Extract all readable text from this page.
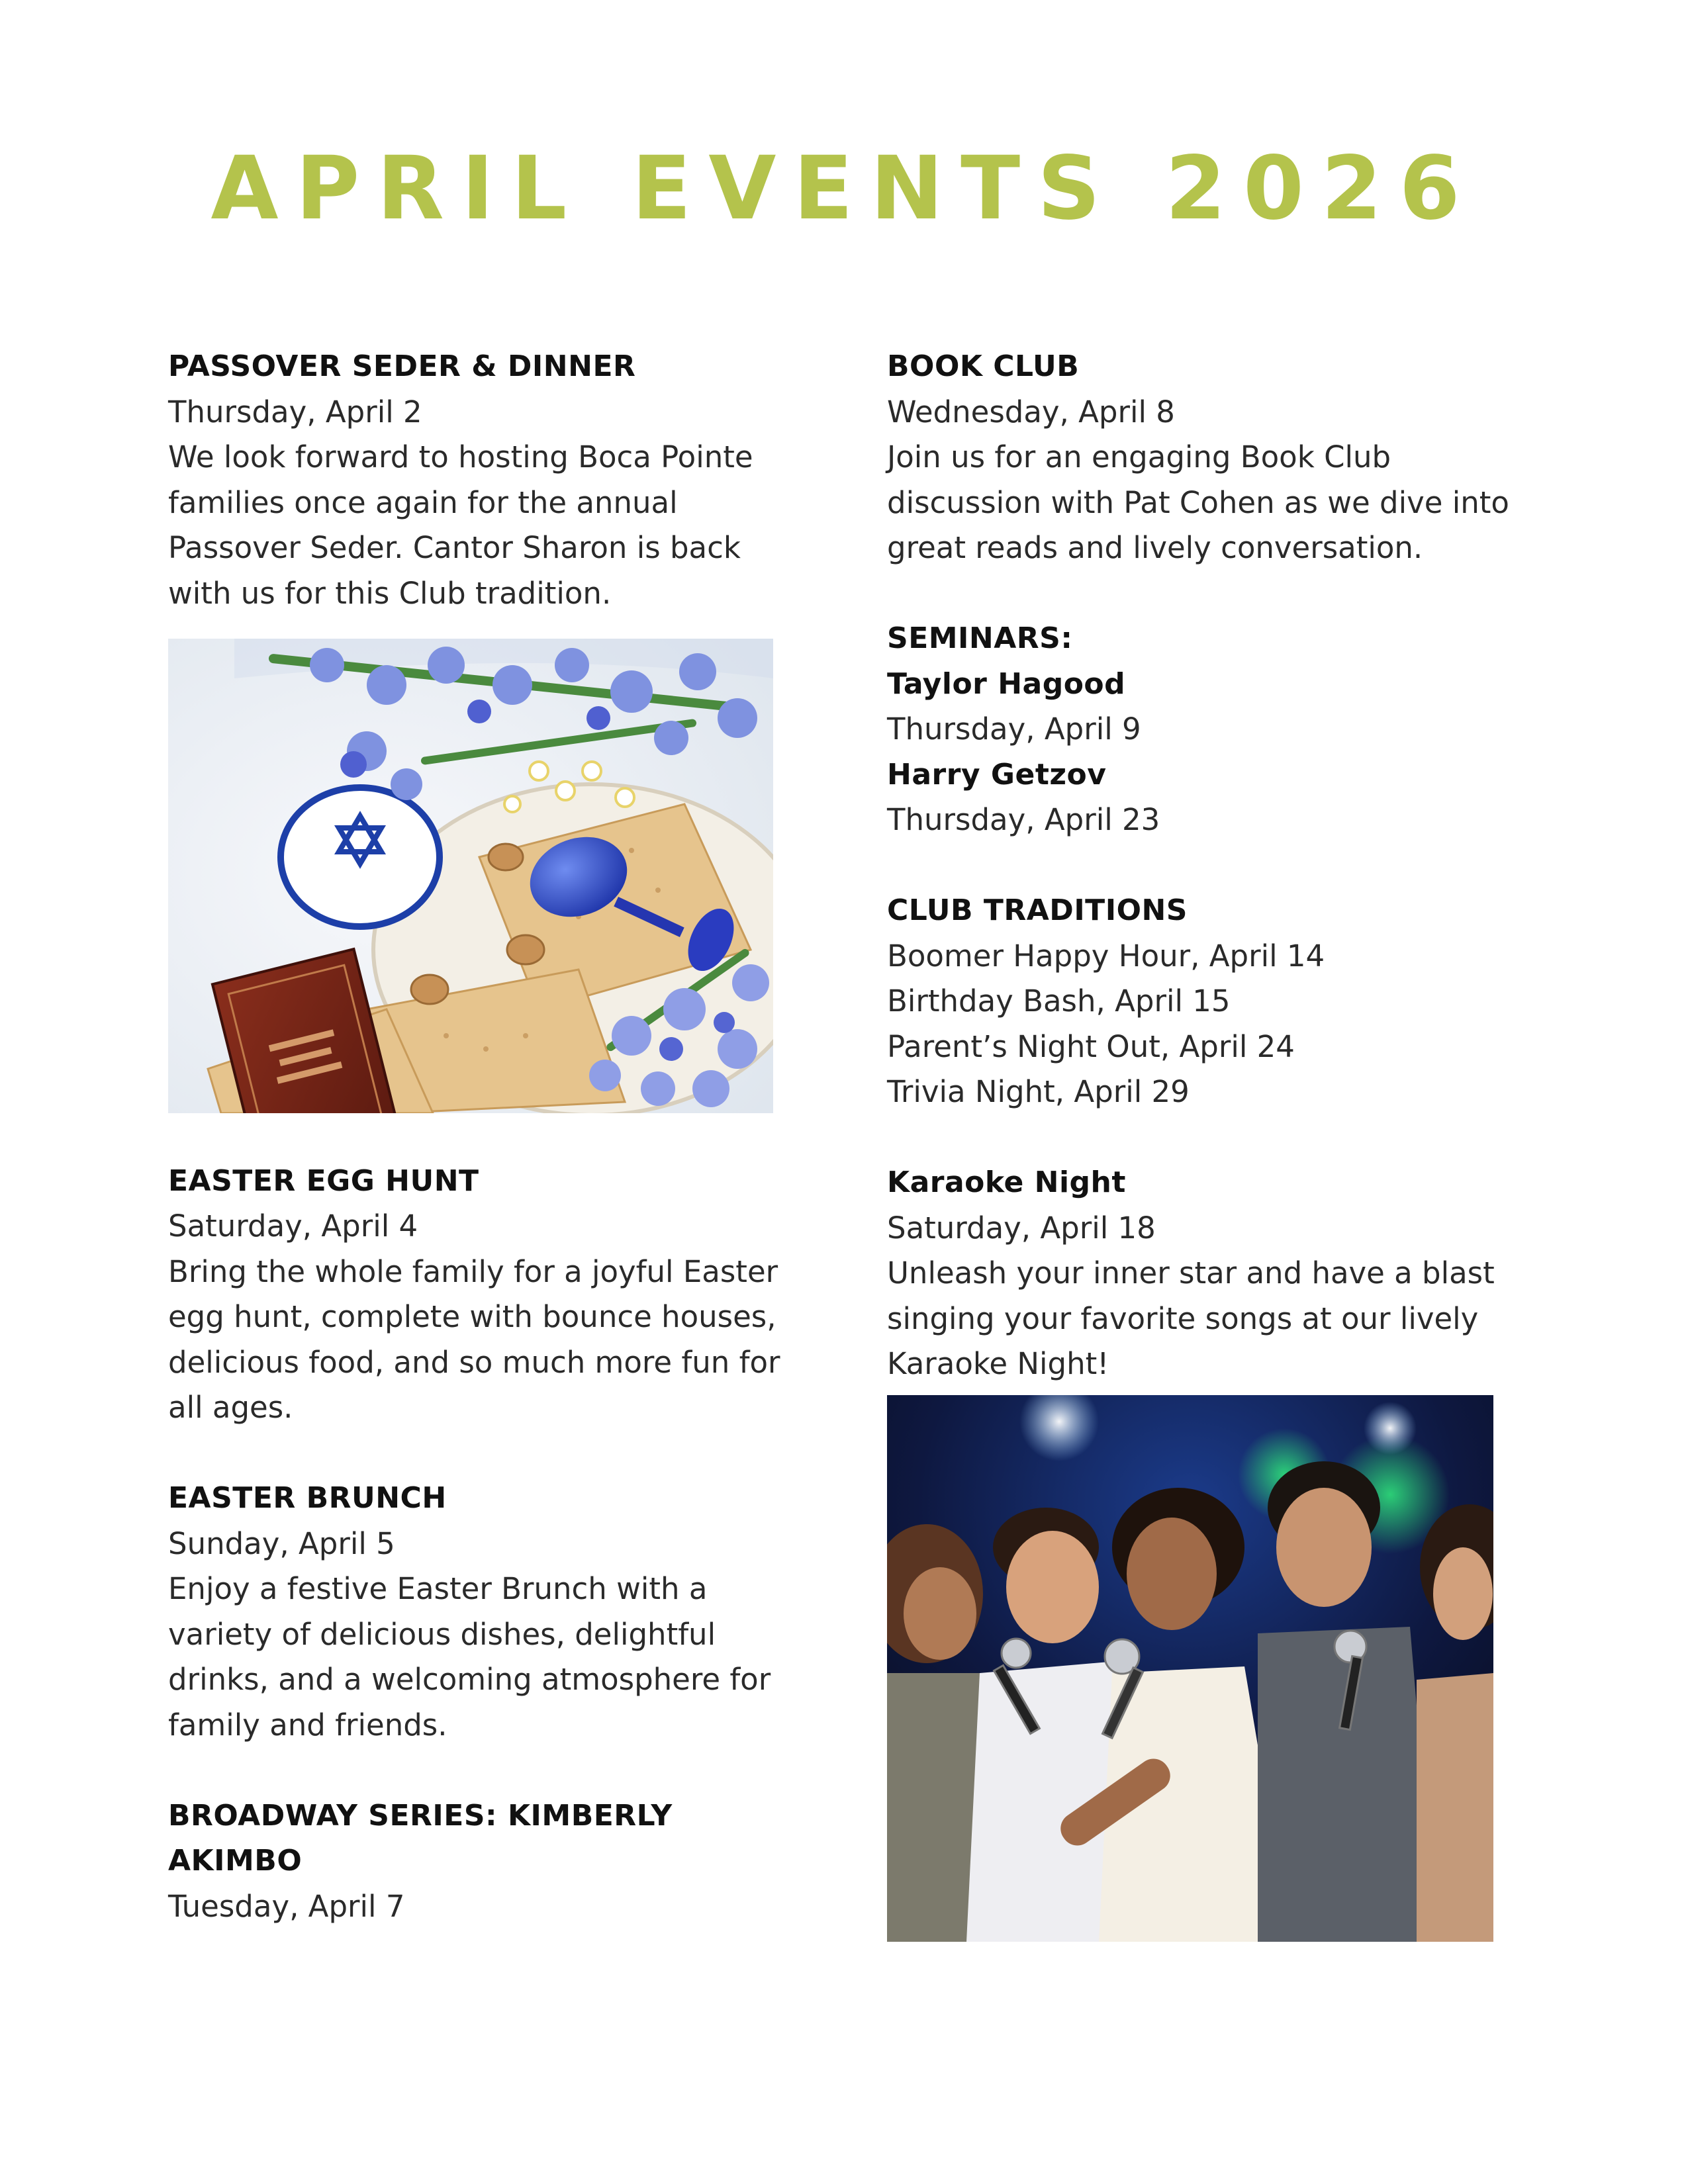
APRIL EVENTS 2026
PASSOVER SEDER & DINNER
Thursday, April 2
We look forward to hosting Boca Pointe families once again for the annual Passover Seder. Cantor Sharon is back with us for this Club tradition.
EASTER EGG HUNT
Saturday, April 4
Bring the whole family for a joyful Easter egg hunt, complete with bounce houses, delicious food, and so much more fun for all ages.
EASTER BRUNCH
Sunday, April 5
Enjoy a festive Easter Brunch with a variety of delicious dishes, delightful drinks, and a welcoming atmosphere for family and friends.
BROADWAY SERIES: KIMBERLY AKIMBO
Tuesday, April 7
BOOK CLUB
Wednesday, April 8
Join us for an engaging Book Club discussion with Pat Cohen as we dive into great reads and lively conversation.
SEMINARS:
Taylor Hagood
Thursday, April 9
Harry Getzov
Thursday, April 23
CLUB TRADITIONS
Boomer Happy Hour, April 14
Birthday Bash, April 15
Parent’s Night Out, April 24
Trivia Night, April 29
Karaoke Night
Saturday, April 18
Unleash your inner star and have a blast singing your favorite songs at our lively Karaoke Night!
